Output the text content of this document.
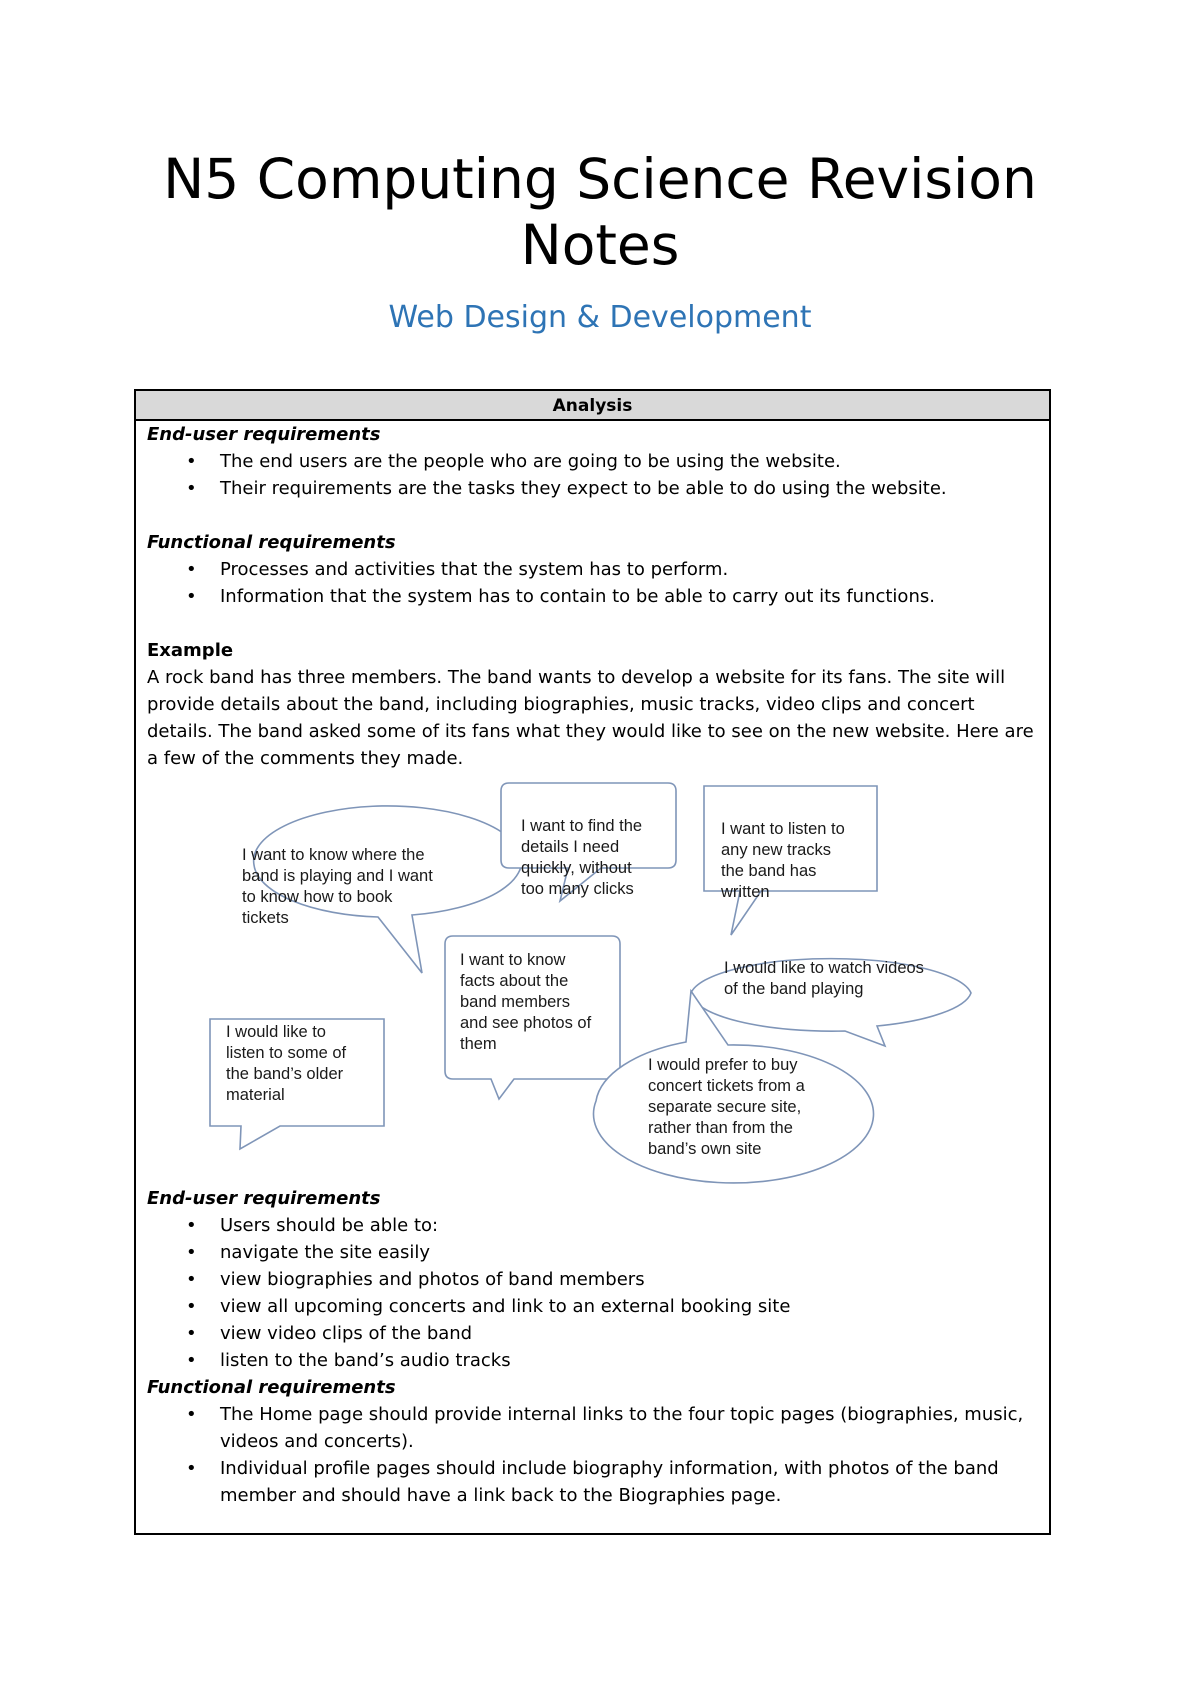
N5 Computing Science Revision
Notes
Web Design & Development
Analysis
End-user requirements
• The end users are the people who are going to be using the website.
• Their requirements are the tasks they expect to be able to do using the website.
Functional requirements
• Processes and activities that the system has to perform.
• Information that the system has to contain to be able to carry out its functions.
Example

A rock band has three members. The band wants to develop a website for its fans. The site will provide details about the band, including biographies, music tracks, video clips and concert details. The band asked some of its fans what they would like to see on the new website. Here are a few of the comments they made.

I want to know where the
band is playing and I want
to know how to book
tickets
I want to find the
details I need
quickly, without
too many clicks
I want to listen to
any new tracks
the band has
written
I want to know
facts about the
band members
and see photos of
them
I would like to watch videos
of the band playing
I would like to
listen to some of
the band’s older
material
I would prefer to buy
concert tickets from a
separate secure site,
rather than from the
band’s own site
End-user requirements
• Users should be able to:
• navigate the site easily
• view biographies and photos of band members
• view all upcoming concerts and link to an external booking site
• view video clips of the band
• listen to the band’s audio tracks
Functional requirements
• The Home page should provide internal links to the four topic pages (biographies, music, videos and concerts).
• Individual profile pages should include biography information, with photos of the band member and should have a link back to the Biographies page.
